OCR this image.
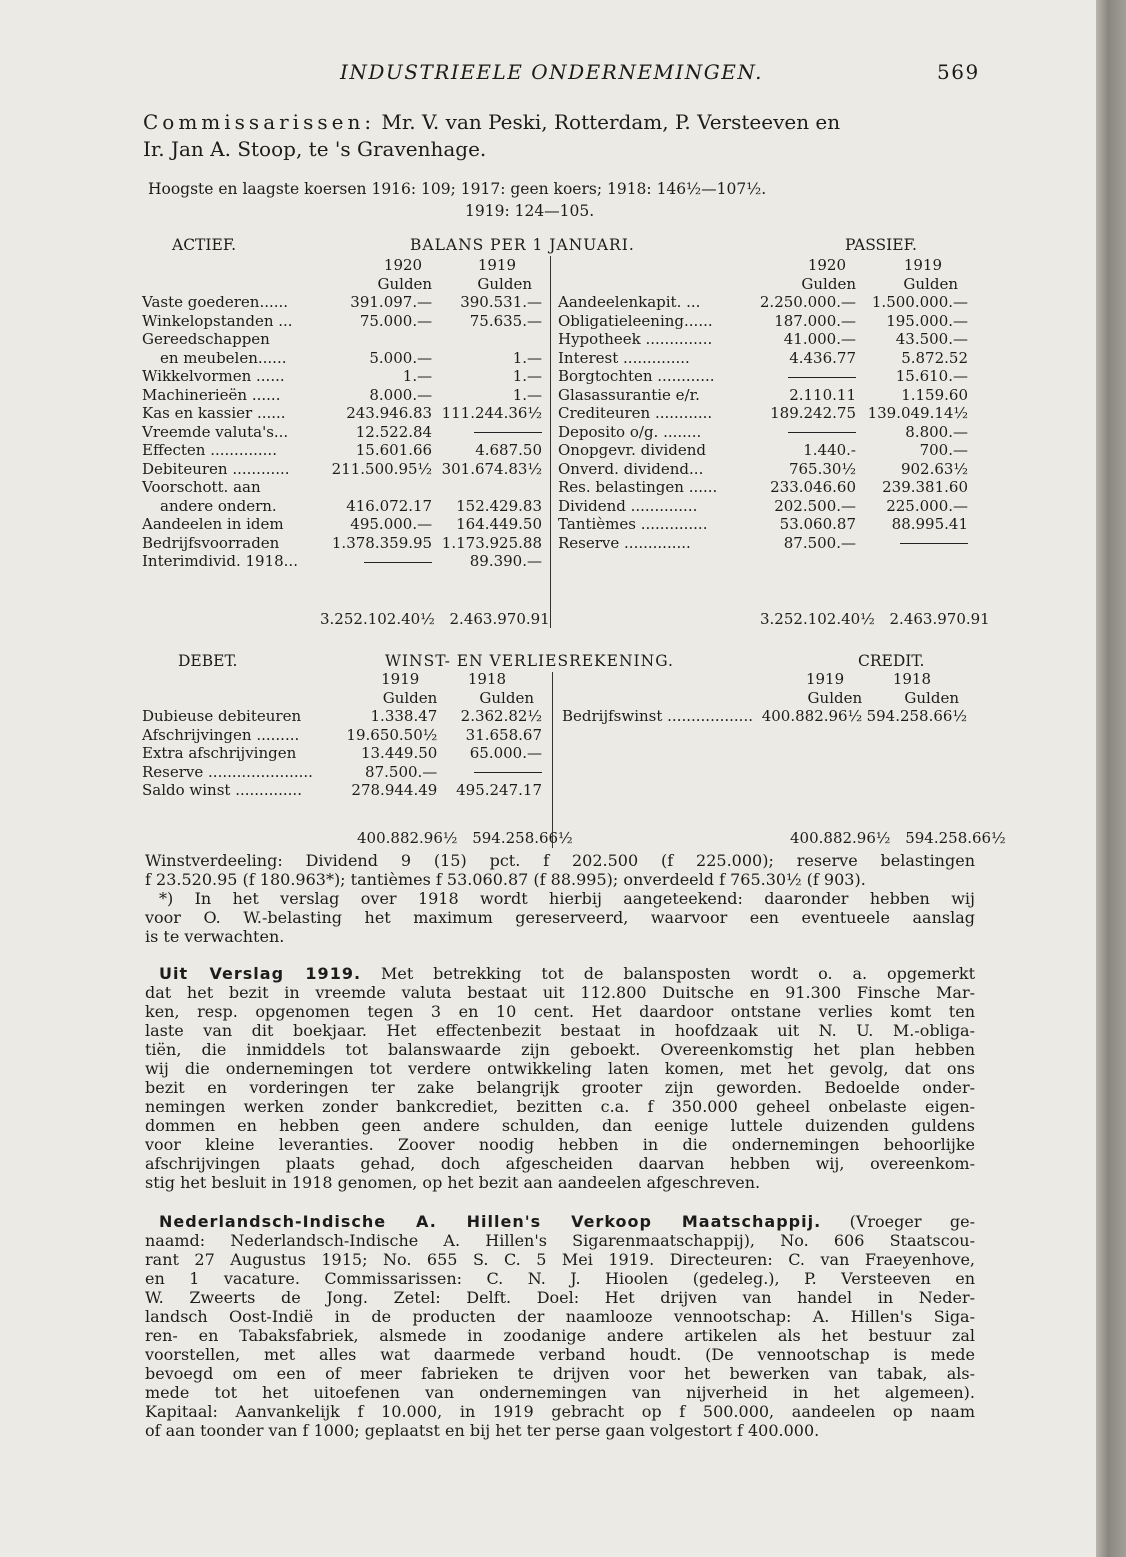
INDUSTRIEELE ONDERNEMINGEN.	569
Commissarissen: Mr. V. van Peski, Rotterdam, P. Versteeven en
Ir. Jan A. Stoop, te 's Gravenhage.
Hoogste en laagste koersen 1916: 109; 1917: geen koers; 1918: 146½—107½.
1919: 124—105.
ACTIEF.	BALANS PER 1 JANUARI.	PASSIEF.
	1920	1919
	Gulden	Gulden
Vaste goederen......	391.097.—	390.531.—
Winkelopstanden ...	75.000.—	75.635.—
Gereedschappen		
en meubelen......	5.000.—	1.—
Wikkelvormen ......	1.—	1.—
Machinerieën ......	8.000.—	1.—
Kas en kassier ......	243.946.83	111.244.36½
Vreemde valuta's...	12.522.84	
Effecten ..............	15.601.66	4.687.50
Debiteuren ............	211.500.95½	301.674.83½
Voorschott. aan		
andere ondern.	416.072.17	152.429.83
Aandeelen in idem	495.000.—	164.449.50
Bedrijfsvoorraden	1.378.359.95	1.173.925.88
Interimdivid. 1918...		89.390.—
	1920	1919
	Gulden	Gulden
Aandeelenkapit. ...	2.250.000.—	1.500.000.—
Obligatieleening......	187.000.—	195.000.—
Hypotheek ..............	41.000.—	43.500.—
Interest ..............	4.436.77	5.872.52
Borgtochten ............		15.610.—
Glasassurantie e/r.	2.110.11	1.159.60
Crediteuren ............	189.242.75	139.049.14½
Deposito o/g. ........		8.800.—
Onopgevr. dividend	1.440.-	700.—
Onverd. dividend...	765.30½	902.63½
Res. belastingen ......	233.046.60	239.381.60
Dividend ..............	202.500.—	225.000.—
Tantièmes ..............	53.060.87	88.995.41
Reserve ..............	87.500.—	
3.252.102.40½ 2.463.970.91	3.252.102.40½ 2.463.970.91
DEBET.	WINST- EN VERLIESREKENING.	CREDIT.
	1919	1918
	Gulden	Gulden
Dubieuse debiteuren	1.338.47	2.362.82½
Afschrijvingen .........	19.650.50½	31.658.67
Extra afschrijvingen	13.449.50	65.000.—
Reserve ......................	87.500.—	
Saldo winst ..............	278.944.49	495.247.17
	1919	1918
	Gulden	Gulden
Bedrijfswinst ..................	400.882.96½	594.258.66½
400.882.96½ 594.258.66½	400.882.96½ 594.258.66½
Winstverdeeling: Dividend 9 (15) pct. f 202.500 (f 225.000); reserve belastingen
f 23.520.95 (f 180.963*); tantièmes f 53.060.87 (f 88.995); onverdeeld f 765.30½ (f 903).
*) In het verslag over 1918 wordt hierbij aangeteekend: daaronder hebben wij
voor O. W.-belasting het maximum gereserveerd, waarvoor een eventueele aanslag
is te verwachten.
Uit Verslag 1919. Met betrekking tot de balansposten wordt o. a. opgemerkt
dat het bezit in vreemde valuta bestaat uit 112.800 Duitsche en 91.300 Finsche Mar-
ken, resp. opgenomen tegen 3 en 10 cent. Het daardoor ontstane verlies komt ten
laste van dit boekjaar. Het effectenbezit bestaat in hoofdzaak uit N. U. M.-obliga-
tiën, die inmiddels tot balanswaarde zijn geboekt. Overeenkomstig het plan hebben
wij die ondernemingen tot verdere ontwikkeling laten komen, met het gevolg, dat ons
bezit en vorderingen ter zake belangrijk grooter zijn geworden. Bedoelde onder-
nemingen werken zonder bankcrediet, bezitten c.a. f 350.000 geheel onbelaste eigen-
dommen en hebben geen andere schulden, dan eenige luttele duizenden guldens
voor kleine leveranties. Zoover noodig hebben in die ondernemingen behoorlijke
afschrijvingen plaats gehad, doch afgescheiden daarvan hebben wij, overeenkom-
stig het besluit in 1918 genomen, op het bezit aan aandeelen afgeschreven.
Nederlandsch-Indische A. Hillen's Verkoop Maatschappij. (Vroeger ge-
naamd: Nederlandsch-Indische A. Hillen's Sigarenmaatschappij), No. 606 Staatscou-
rant 27 Augustus 1915; No. 655 S. C. 5 Mei 1919. Directeuren: C. van Fraeyenhove,
en 1 vacature. Commissarissen: C. N. J. Hioolen (gedeleg.), P. Versteeven en
W. Zweerts de Jong. Zetel: Delft. Doel: Het drijven van handel in Neder-
landsch Oost-Indië in de producten der naamlooze vennootschap: A. Hillen's Siga-
ren- en Tabaksfabriek, alsmede in zoodanige andere artikelen als het bestuur zal
voorstellen, met alles wat daarmede verband houdt. (De vennootschap is mede
bevoegd om een of meer fabrieken te drijven voor het bewerken van tabak, als-
mede tot het uitoefenen van ondernemingen van nijverheid in het algemeen).
Kapitaal: Aanvankelijk f 10.000, in 1919 gebracht op f 500.000, aandeelen op naam
of aan toonder van f 1000; geplaatst en bij het ter perse gaan volgestort f 400.000.
